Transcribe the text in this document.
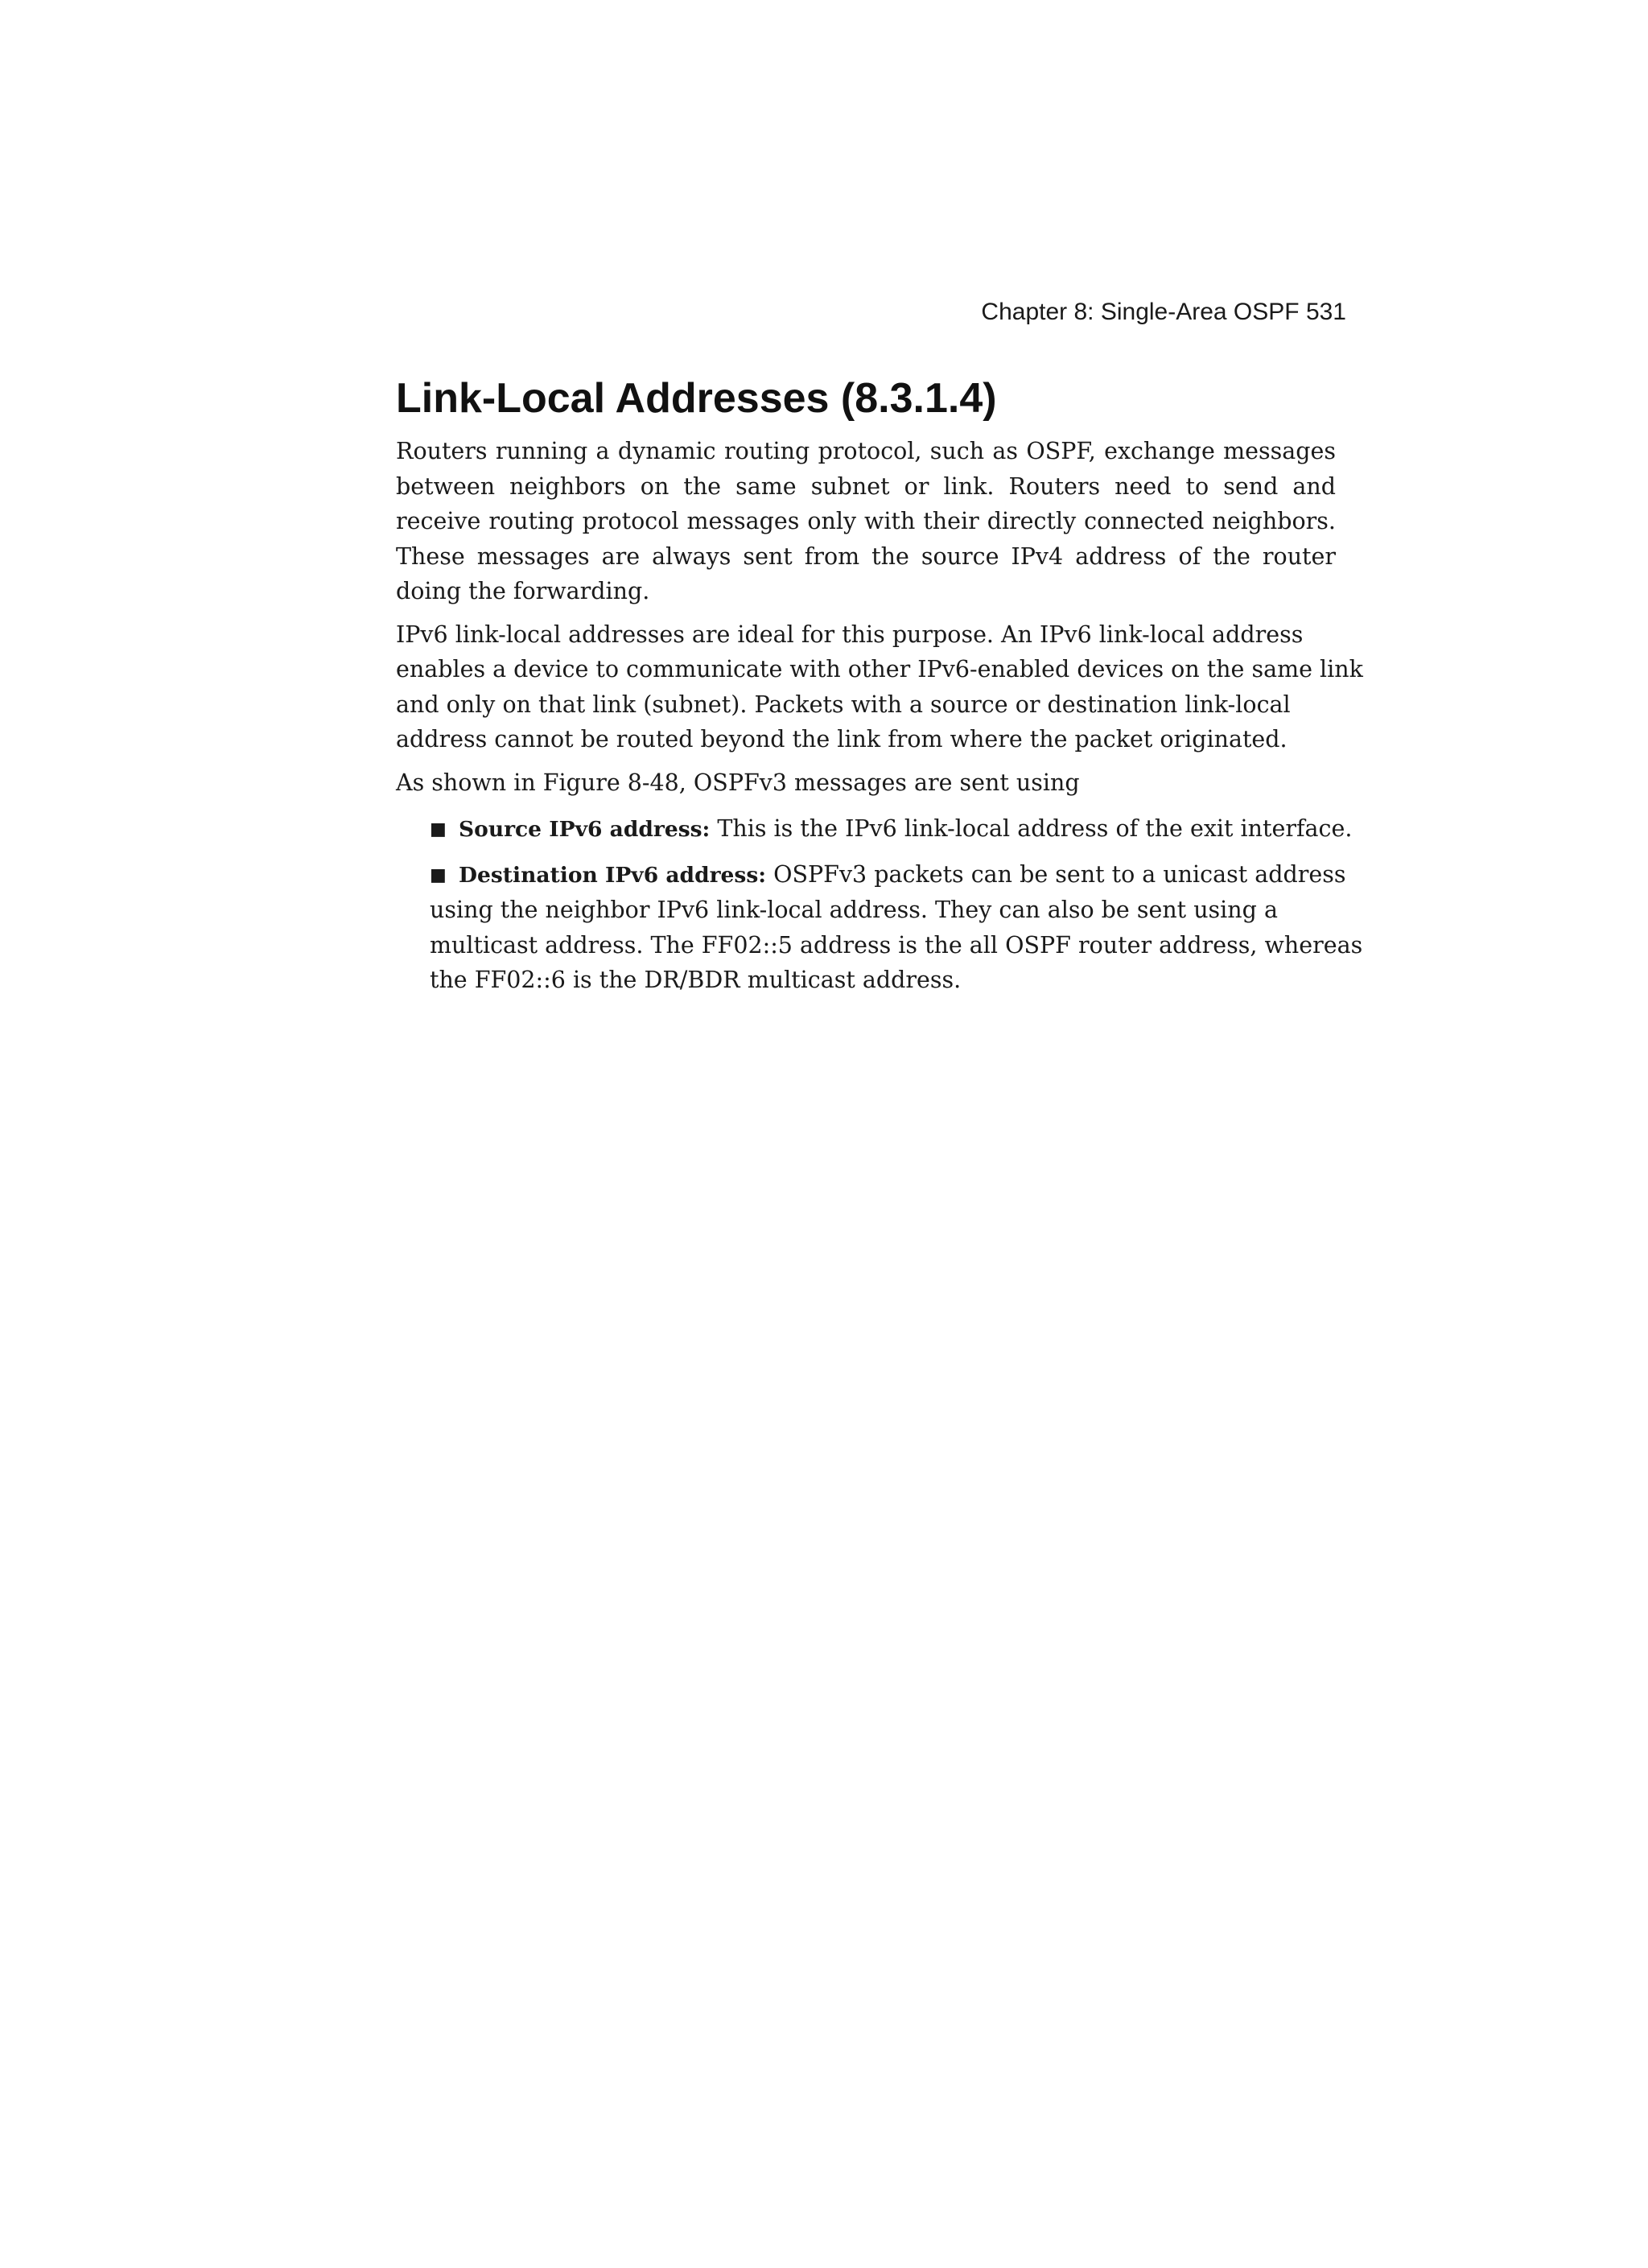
Chapter 8: Single-Area OSPF 531
Link-Local Addresses (8.3.1.4)

Routers running a dynamic routing protocol, such as OSPF, exchange messages between neighbors on the same subnet or link. Routers need to send and receive routing protocol messages only with their directly connected neighbors. These messages are always sent from the source IPv4 address of the router doing the forwarding.

IPv6 link-local addresses are ideal for this purpose. An IPv6 link-local address enables a device to communicate with other IPv6-enabled devices on the same link and only on that link (subnet). Packets with a source or destination link-local address cannot be routed beyond the link from where the packet originated.

As shown in Figure 8-48, OSPFv3 messages are sent using

■ Source IPv6 address: This is the IPv6 link-local address of the exit interface.
■ Destination IPv6 address: OSPFv3 packets can be sent to a unicast address using the neighbor IPv6 link-local address. They can also be sent using a multicast address. The FF02::5 address is the all OSPF router address, whereas the FF02::6 is the DR/BDR multicast address.
